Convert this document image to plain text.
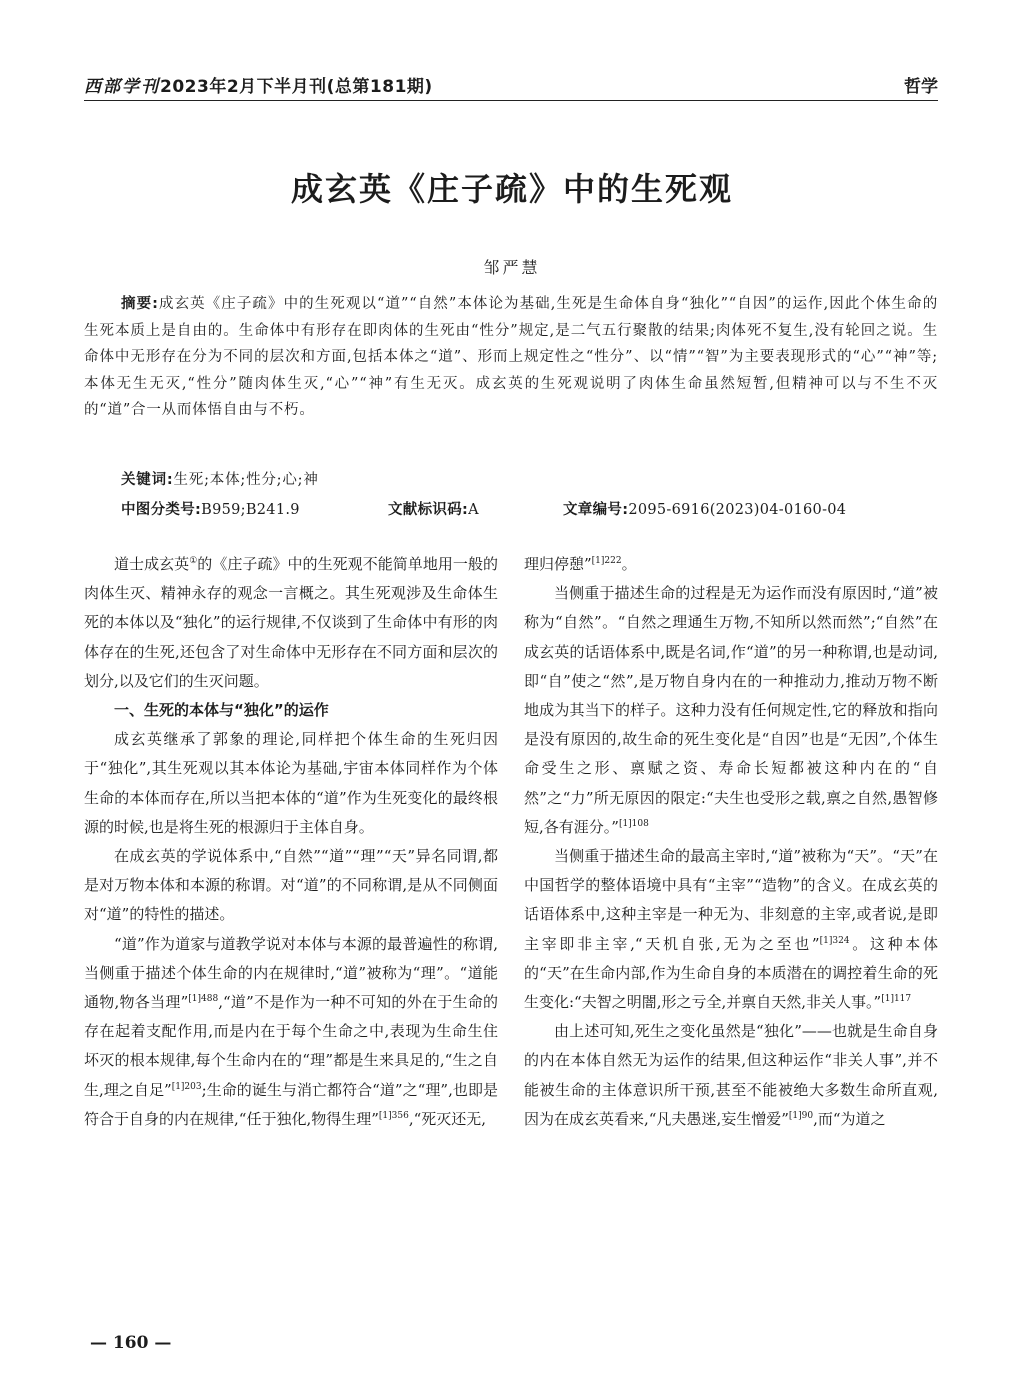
西部学刊2023年2月下半月刊(总第181期)	哲学
成玄英《庄子疏》中的生死观
邹严慧
摘要:成玄英《庄子疏》中的生死观以“道”“自然”本体论为基础,生死是生命体自身“独化”“自因”的运作,因此个体生命的生死本质上是自由的。生命体中有形存在即肉体的生死由“性分”规定,是二气五行聚散的结果;肉体死不复生,没有轮回之说。生命体中无形存在分为不同的层次和方面,包括本体之“道”、形而上规定性之“性分”、以“情”“智”为主要表现形式的“心”“神”等;本体无生无灭,“性分”随肉体生灭,“心”“神”有生无灭。成玄英的生死观说明了肉体生命虽然短暂,但精神可以与不生不灭的“道”合一从而体悟自由与不朽。
关键词:生死;本体;性分;心;神
中图分类号:B959;B241.9	文献标识码:A	文章编号:2095-6916(2023)04-0160-04

道士成玄英①的《庄子疏》中的生死观不能简单地用一般的肉体生灭、精神永存的观念一言概之。其生死观涉及生命体生死的本体以及“独化”的运行规律,不仅谈到了生命体中有形的肉体存在的生死,还包含了对生命体中无形存在不同方面和层次的划分,以及它们的生灭问题。

一、生死的本体与“独化”的运作

成玄英继承了郭象的理论,同样把个体生命的生死归因于“独化”,其生死观以其本体论为基础,宇宙本体同样作为个体生命的本体而存在,所以当把本体的“道”作为生死变化的最终根源的时候,也是将生死的根源归于主体自身。

在成玄英的学说体系中,“自然”“道”“理”“天”异名同谓,都是对万物本体和本源的称谓。对“道”的不同称谓,是从不同侧面对“道”的特性的描述。

“道”作为道家与道教学说对本体与本源的最普遍性的称谓,当侧重于描述个体生命的内在规律时,“道”被称为“理”。“道能通物,物各当理”$^{[1]488}$,“道”不是作为一种不可知的外在于生命的存在起着支配作用,而是内在于每个生命之中,表现为生命生住坏灭的根本规律,每个生命内在的“理”都是生来具足的,“生之自生,理之自足”$^{[1]203}$;生命的诞生与消亡都符合“道”之“理”,也即是符合于自身的内在规律,“任于独化,物得生理”$^{[1]356}$,“死灭还无,

理归停憩”$^{[1]222}$。

当侧重于描述生命的过程是无为运作而没有原因时,“道”被称为“自然”。“自然之理通生万物,不知所以然而然”;“自然”在成玄英的话语体系中,既是名词,作“道”的另一种称谓,也是动词,即“自”使之“然”,是万物自身内在的一种推动力,推动万物不断地成为其当下的样子。这种力没有任何规定性,它的释放和指向是没有原因的,故生命的死生变化是“自因”也是“无因”,个体生命受生之形、禀赋之资、寿命长短都被这种内在的“自然”之“力”所无原因的限定:“夫生也受形之载,禀之自然,愚智修短,各有涯分。”$^{[1]108}$

当侧重于描述生命的最高主宰时,“道”被称为“天”。“天”在中国哲学的整体语境中具有“主宰”“造物”的含义。在成玄英的话语体系中,这种主宰是一种无为、非刻意的主宰,或者说,是即主宰即非主宰,“天机自张,无为之至也”$^{[1]324}$。这种本体的“天”在生命内部,作为生命自身的本质潜在的调控着生命的死生变化:“夫智之明闇,形之亏全,并禀自天然,非关人事。”$^{[1]117}$

由上述可知,死生之变化虽然是“独化”——也就是生命自身的内在本体自然无为运作的结果,但这种运作“非关人事”,并不能被生命的主体意识所干预,甚至不能被绝大多数生命所直观,因为在成玄英看来,“凡夫愚迷,妄生憎爱”$^{[1]90}$,而“为道之

— 160 —
